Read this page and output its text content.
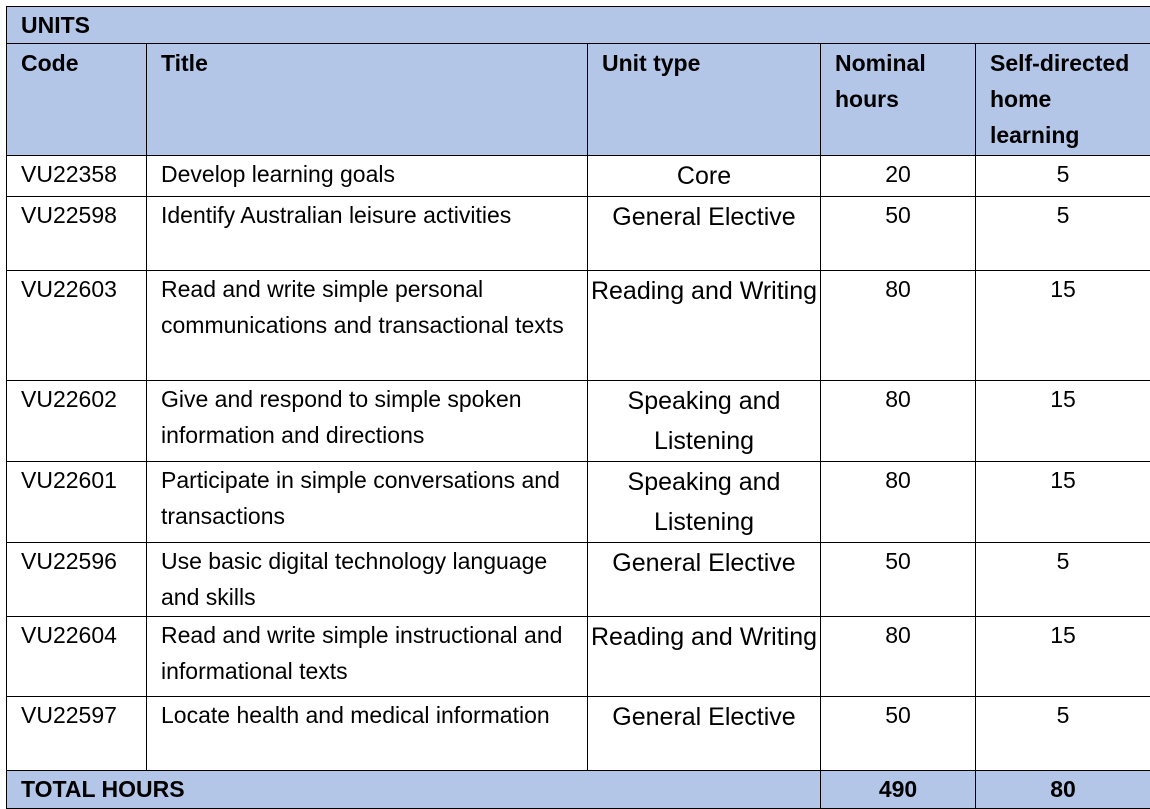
UNITS				
Code	Title	Unit type	Nominal hours	Self-directed home learning
VU22358	Develop learning goals	Core	20	5
VU22598	Identify Australian leisure activities	General Elective	50	5
VU22603	Read and write simple personal communications and transactional texts	Reading and Writing	80	15
VU22602	Give and respond to simple spoken information and directions	Speaking and Listening	80	15
VU22601	Participate in simple conversations and transactions	Speaking and Listening	80	15
VU22596	Use basic digital technology language and skills	General Elective	50	5
VU22604	Read and write simple instructional and informational texts	Reading and Writing	80	15
VU22597	Locate health and medical information	General Elective	50	5
TOTAL HOURS			490	80
